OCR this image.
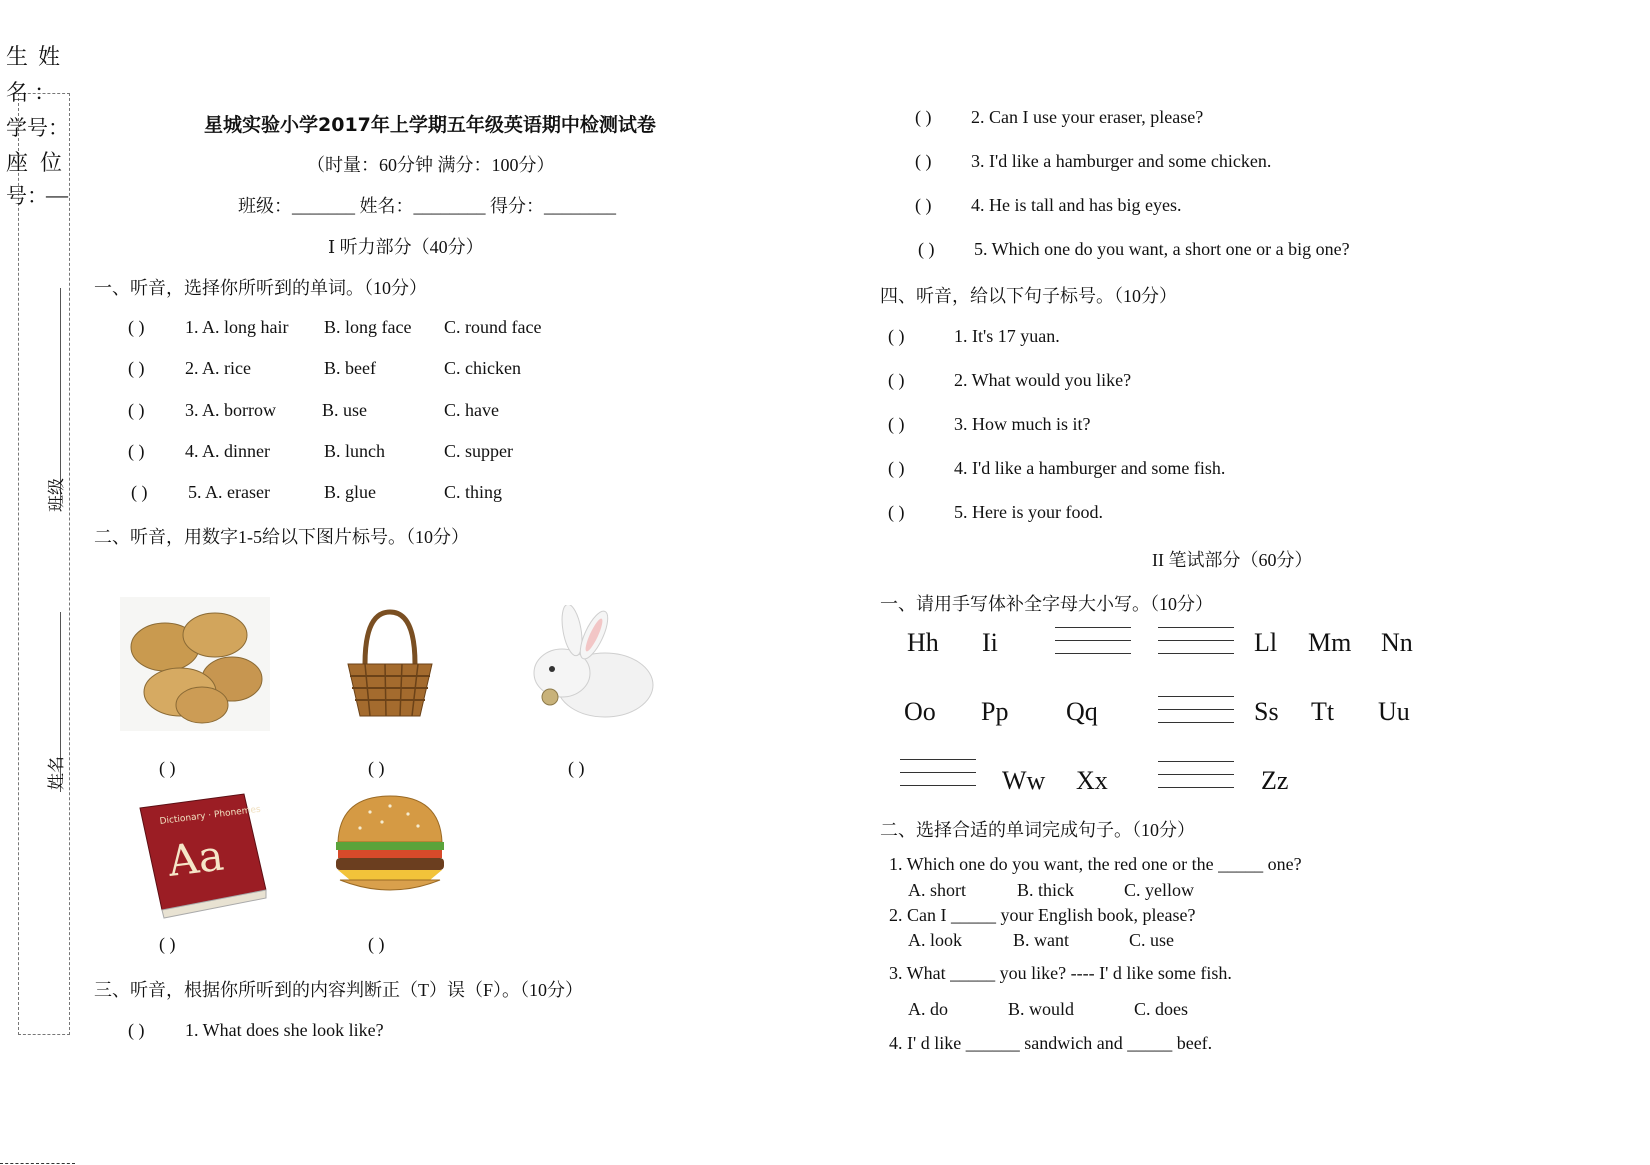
生 姓
名 ：
学号：
座 位
号：
—
班级
姓名
星城实验小学2017年上学期五年级英语期中检测试卷
（时量：60分钟 满分：100分）
班级：_______ 姓名：________ 得分：________
Ⅰ 听力部分（40分）
一、听音，选择你所听到的单词。（10分）
( ) 1. A. long hair B. long face C. round face
( ) 2. A. rice	B. beef	C. chicken
( ) 3. A. borrow	B. use	C. have
( ) 4. A. dinner	B. lunch	C. supper
( ) 5. A. eraser	B. glue	C. thing
二、听音，用数字1-5给以下图片标号。（10分）
Dictionary · Phonemes
Aa
( )	( )	( )
( )	( )
三、听音，根据你所听到的内容判断正（T）误（F）。（10分）
( ) 1. What does she look like?
( ) 2. Can I use your eraser, please?
( ) 3. I'd like a hamburger and some chicken.
( ) 4. He is tall and has big eyes.
( ) 5. Which one do you want, a short one or a big one?
四、听音，给以下句子标号。（10分）
( )	1. It's 17 yuan.
( )	2. What would you like?
( )	3. How much is it?
( )	4. I'd like a hamburger and some fish.
( )	5. Here is your food.
II 笔试部分（60分）
一、请用手写体补全字母大小写。（10分）
Hh Ii	Ll Mm Nn
Oo Pp Qq	Ss Tt Uu
Ww Xx	Zz
二、选择合适的单词完成句子。（10分）
1. Which one do you want, the red one or the _____ one?
A. short	B. thick	C. yellow
2. Can I _____ your English book, please?
A. look	B. want	C. use
3. What _____ you like? ---- I' d like some fish.
A. do	B. would	C. does
4. I' d like ______ sandwich and _____ beef.
